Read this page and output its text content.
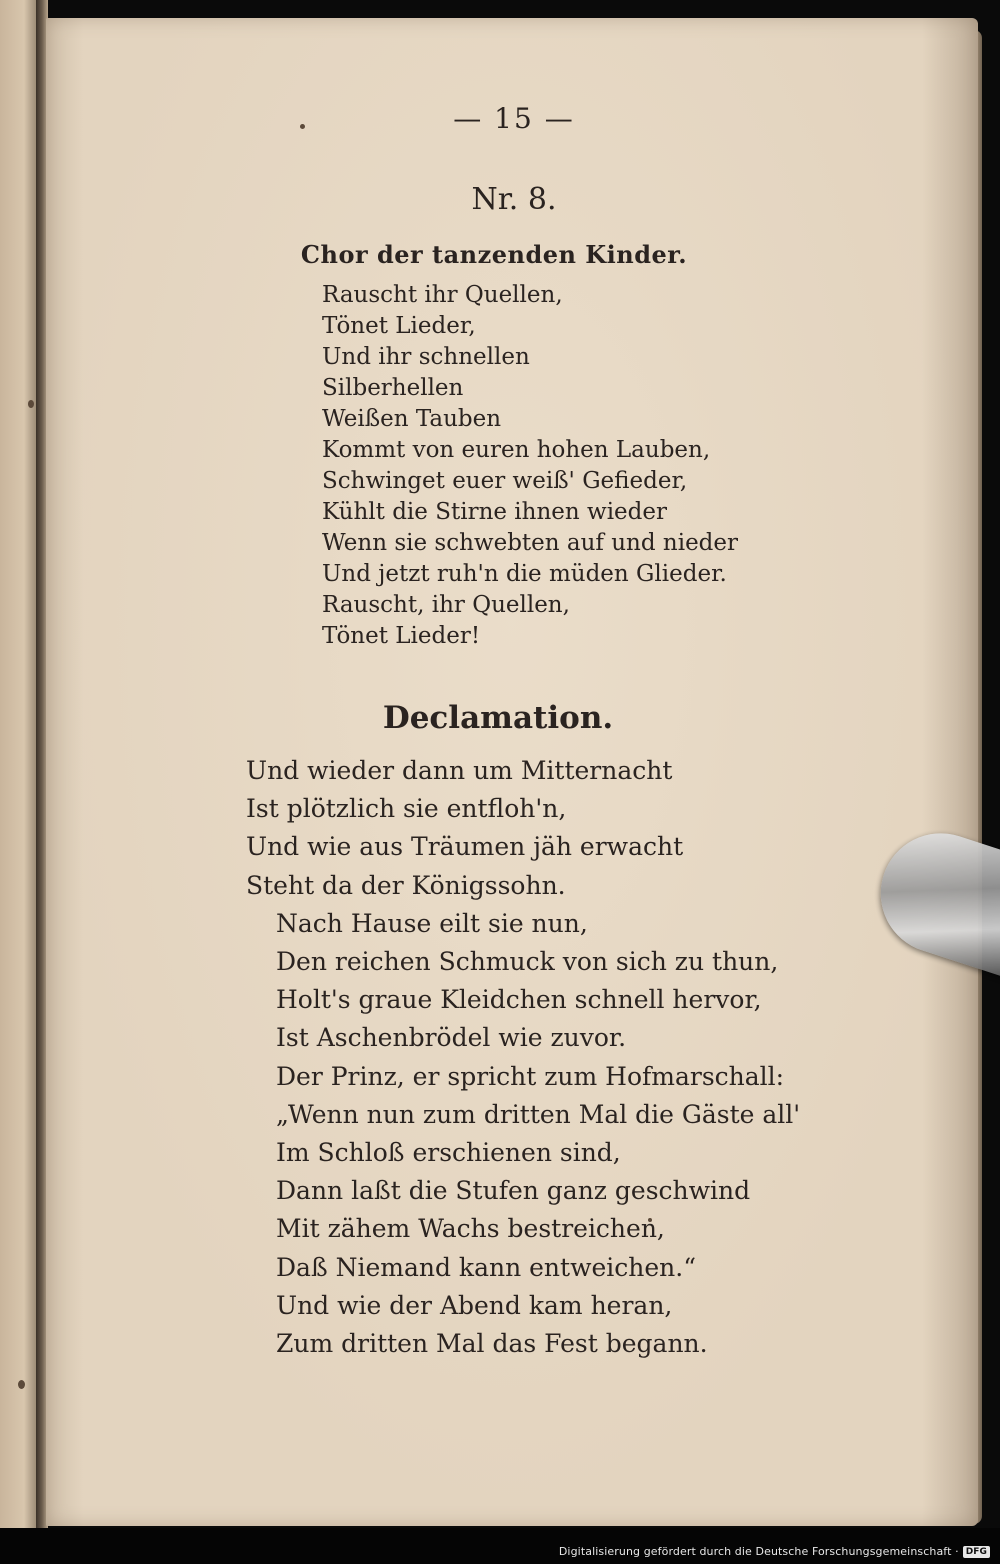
— 15 —
Nr. 8.
Chor der tanzenden Kinder.
Rauscht ihr Quellen,
Tönet Lieder,
Und ihr schnellen
Silberhellen
Weißen Tauben
Kommt von euren hohen Lauben,
Schwinget euer weiß' Gefieder,
Kühlt die Stirne ihnen wieder
Wenn sie schwebten auf und nieder
Und jetzt ruh'n die müden Glieder.
Rauscht, ihr Quellen,
Tönet Lieder!
Declamation.
Und wieder dann um Mitternacht
Ist plötzlich sie entfloh'n,
Und wie aus Träumen jäh erwacht
Steht da der Königssohn.
Nach Hause eilt sie nun,
Den reichen Schmuck von sich zu thun,
Holt's graue Kleidchen schnell hervor,
Ist Aschenbrödel wie zuvor.
Der Prinz, er spricht zum Hofmarschall:
„Wenn nun zum dritten Mal die Gäste all'
Im Schloß erschienen sind,
Dann laßt die Stufen ganz geschwind
Mit zähem Wachs bestreichen,
Daß Niemand kann entweichen.“
Und wie der Abend kam heran,
Zum dritten Mal das Fest begann.
Digitalisierung gefördert durch die Deutsche Forschungsgemeinschaft · DFG
